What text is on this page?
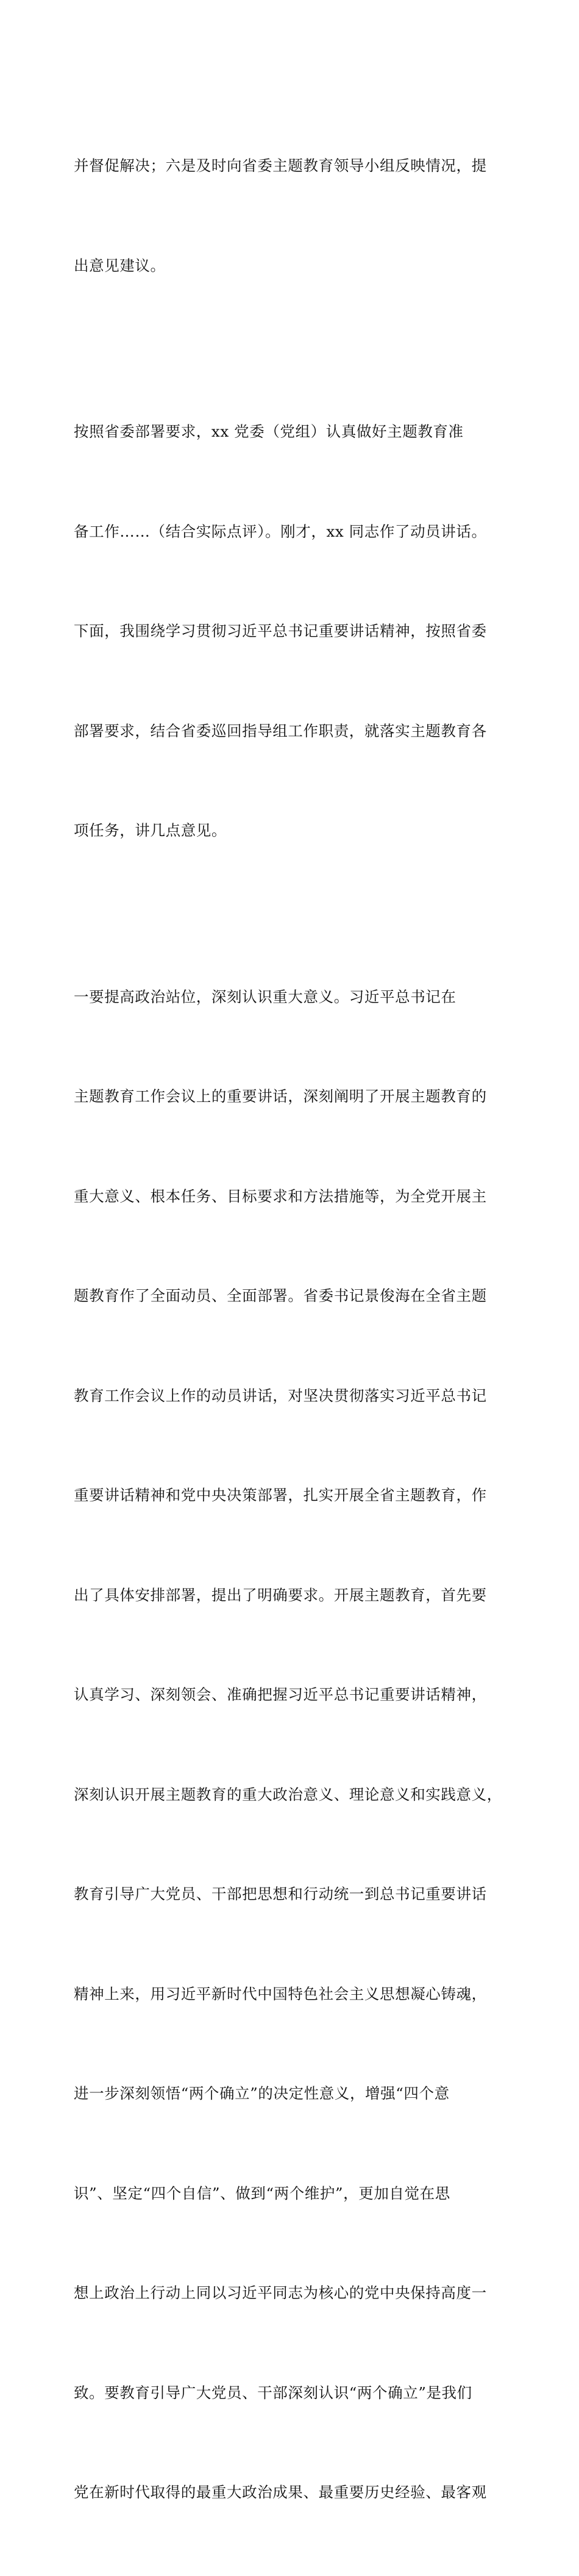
并督促解决；六是及时向省委主题教育领导小组反映情况，提

出意见建议。

按照省委部署要求，xx 党委（党组）认真做好主题教育准

备工作……（结合实际点评）。刚才，xx 同志作了动员讲话。

下面，我围绕学习贯彻习近平总书记重要讲话精神，按照省委

部署要求，结合省委巡回指导组工作职责，就落实主题教育各

项任务，讲几点意见。

一要提高政治站位，深刻认识重大意义。习近平总书记在

主题教育工作会议上的重要讲话，深刻阐明了开展主题教育的

重大意义、根本任务、目标要求和方法措施等，为全党开展主

题教育作了全面动员、全面部署。省委书记景俊海在全省主题

教育工作会议上作的动员讲话，对坚决贯彻落实习近平总书记

重要讲话精神和党中央决策部署，扎实开展全省主题教育，作

出了具体安排部署，提出了明确要求。开展主题教育，首先要

认真学习、深刻领会、准确把握习近平总书记重要讲话精神，

深刻认识开展主题教育的重大政治意义、理论意义和实践意义，

教育引导广大党员、干部把思想和行动统一到总书记重要讲话

精神上来，用习近平新时代中国特色社会主义思想凝心铸魂，

进一步深刻领悟“两个确立”的决定性意义，增强“四个意

识”、坚定“四个自信”、做到“两个维护”，更加自觉在思

想上政治上行动上同以习近平同志为核心的党中央保持高度一

致。要教育引导广大党员、干部深刻认识“两个确立”是我们

党在新时代取得的最重大政治成果、最重要历史经验、最客观
